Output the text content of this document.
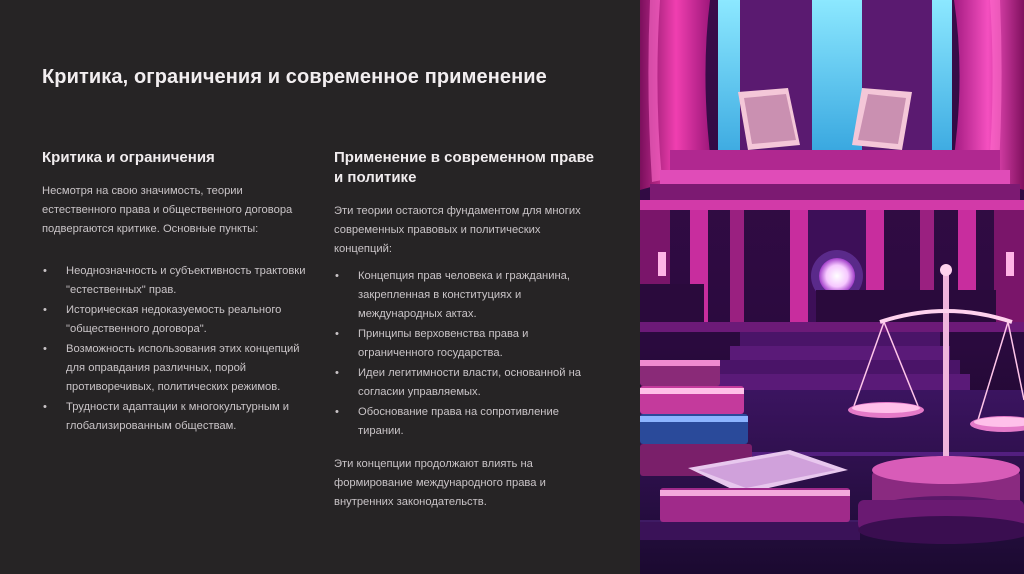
Критика, ограничения и современное применение
Критика и ограничения

Несмотря на свою значимость, теории естественного права и общественного договора подвергаются критике. Основные пункты:

• Неоднозначность и субъективность трактовки "естественных" прав.
• Историческая недоказуемость реального "общественного договора".
• Возможность использования этих концепций для оправдания различных, порой противоречивых, политических режимов.
• Трудности адаптации к многокультурным и глобализированным обществам.
Применение в современном праве и политике

Эти теории остаются фундаментом для многих современных правовых и политических концепций:

• Концепция прав человека и гражданина, закрепленная в конституциях и международных актах.
• Принципы верховенства права и ограниченного государства.
• Идеи легитимности власти, основанной на согласии управляемых.
• Обоснование права на сопротивление тирании.

Эти концепции продолжают влиять на формирование международного права и внутренних законодательств.
